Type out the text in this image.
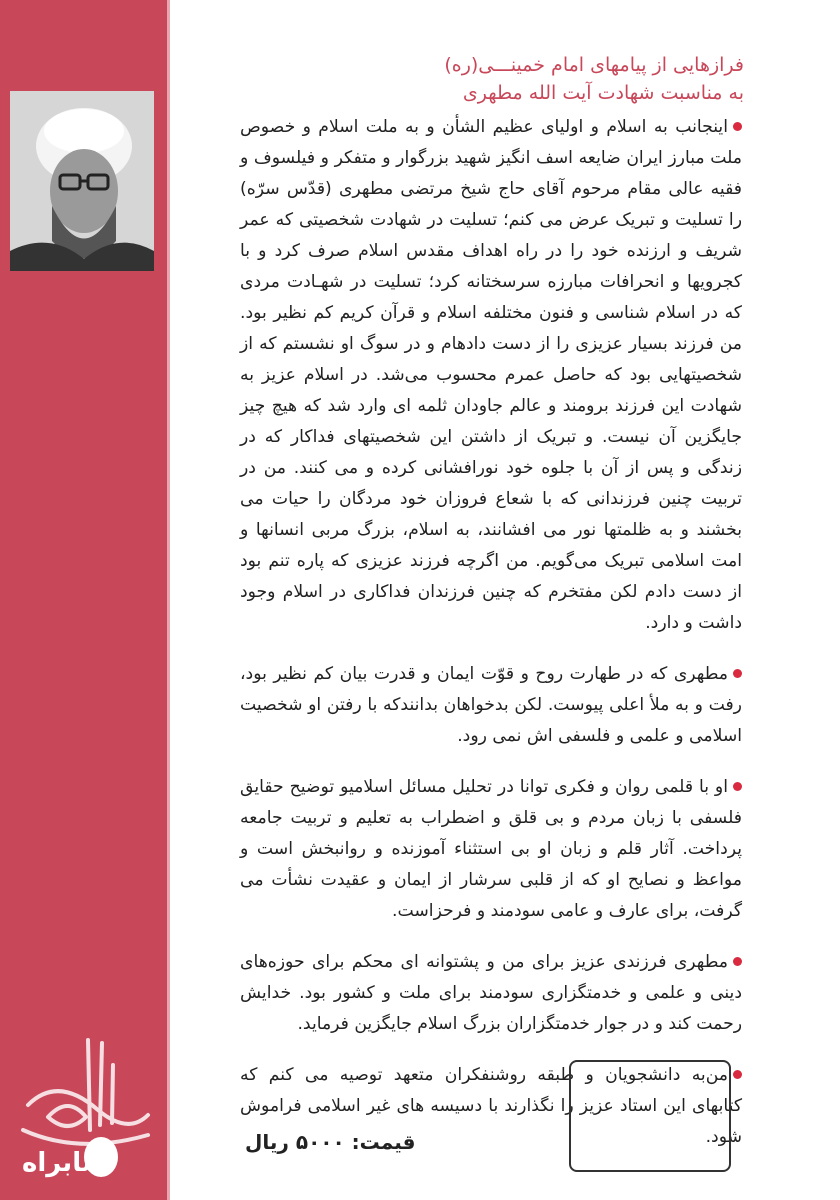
کتابراه
فرازهایی از پیامهای امام خمینـــی(ره)
به مناسبت شهادت آیت الله مطهری

اینجانب به اسلام و اولیای عظیم الشأن و به ملت اسلام و خصوص ملت مبارز ایران ضایعه اسف انگیز شهید بزرگوار و متفکر و فیلسوف و فقیه عالی مقام مرحوم آقای حاج شیخ مرتضی مطهری (قدّس سرّه) را تسلیت و تبریک عرض می کنم؛ تسلیت در شهادت شخصیتی که عمر شریف و ارزنده خود را در راه اهداف مقدس اسلام صرف کرد و با کجرویها و انحرافات مبارزه سرسختانه کرد؛ تسلیت در شهـادت مردی که در اسلام شناسی و فنون مختلفه اسلام و قرآن کریم کم نظیر بود. من فرزند بسیار عزیزی را از دست دادهام و در سوگ او نشستم که از شخصیتهایی بود که حاصل عمرم محسوب می‌شد. در اسلام عزیز به شهادت این فرزند برومند و عالم جاودان ثلمه ای وارد شد که هیچ چیز جایگزین آن نیست. و تبریک از داشتن این شخصیتهای فداکار که در زندگی و پس از آن با جلوه خود نورافشانی کرده و می کنند. من در تربیت چنین فرزندانی که با شعاع فروزان خود مردگان را حیات می بخشند و به ظلمتها نور می افشانند، به اسلام، بزرگ مربی انسانها و امت اسلامی تبریک می‌گویم. من اگرچه فرزند عزیزی که پاره تنم بود از دست دادم لکن مفتخرم که چنین فرزندان فداکاری در اسلام وجود داشت و دارد.

مطهری که در طهارت روح و قوّت ایمان و قدرت بیان کم نظیر بود، رفت و به ملأ اعلی پیوست. لکن بدخواهان بدانندکه با رفتن او شخصیت اسلامی و علمی و فلسفی اش نمی رود.

او با قلمی روان و فکری توانا در تحلیل مسائل اسلامیو توضیح حقایق فلسفی با زبان مردم و بی قلق و اضطراب به تعلیم و تربیت جامعه پرداخت. آثار قلم و زبان او بی استثناء آموزنده و روانبخش است و مواعظ و نصایح او که از قلبی سرشار از ایمان و عقیدت نشأت می گرفت، برای عارف و عامی سودمند و فرحزاست.

مطهری فرزندی عزیز برای من و پشتوانه ای محکم برای حوزه‌های دینی و علمی و خدمتگزاری سودمند برای ملت و کشور بود. خدایش رحمت کند و در جوار خدمتگزاران بزرگ اسلام جایگزین فرماید.

من‌به دانشجویان و طبقه روشنفکران متعهد توصیه می کنم که کتابهای این استاد عزیز را نگذارند با دسیسه های غیر اسلامی فراموش شود.

قیمت: ۵۰۰۰ ریال
